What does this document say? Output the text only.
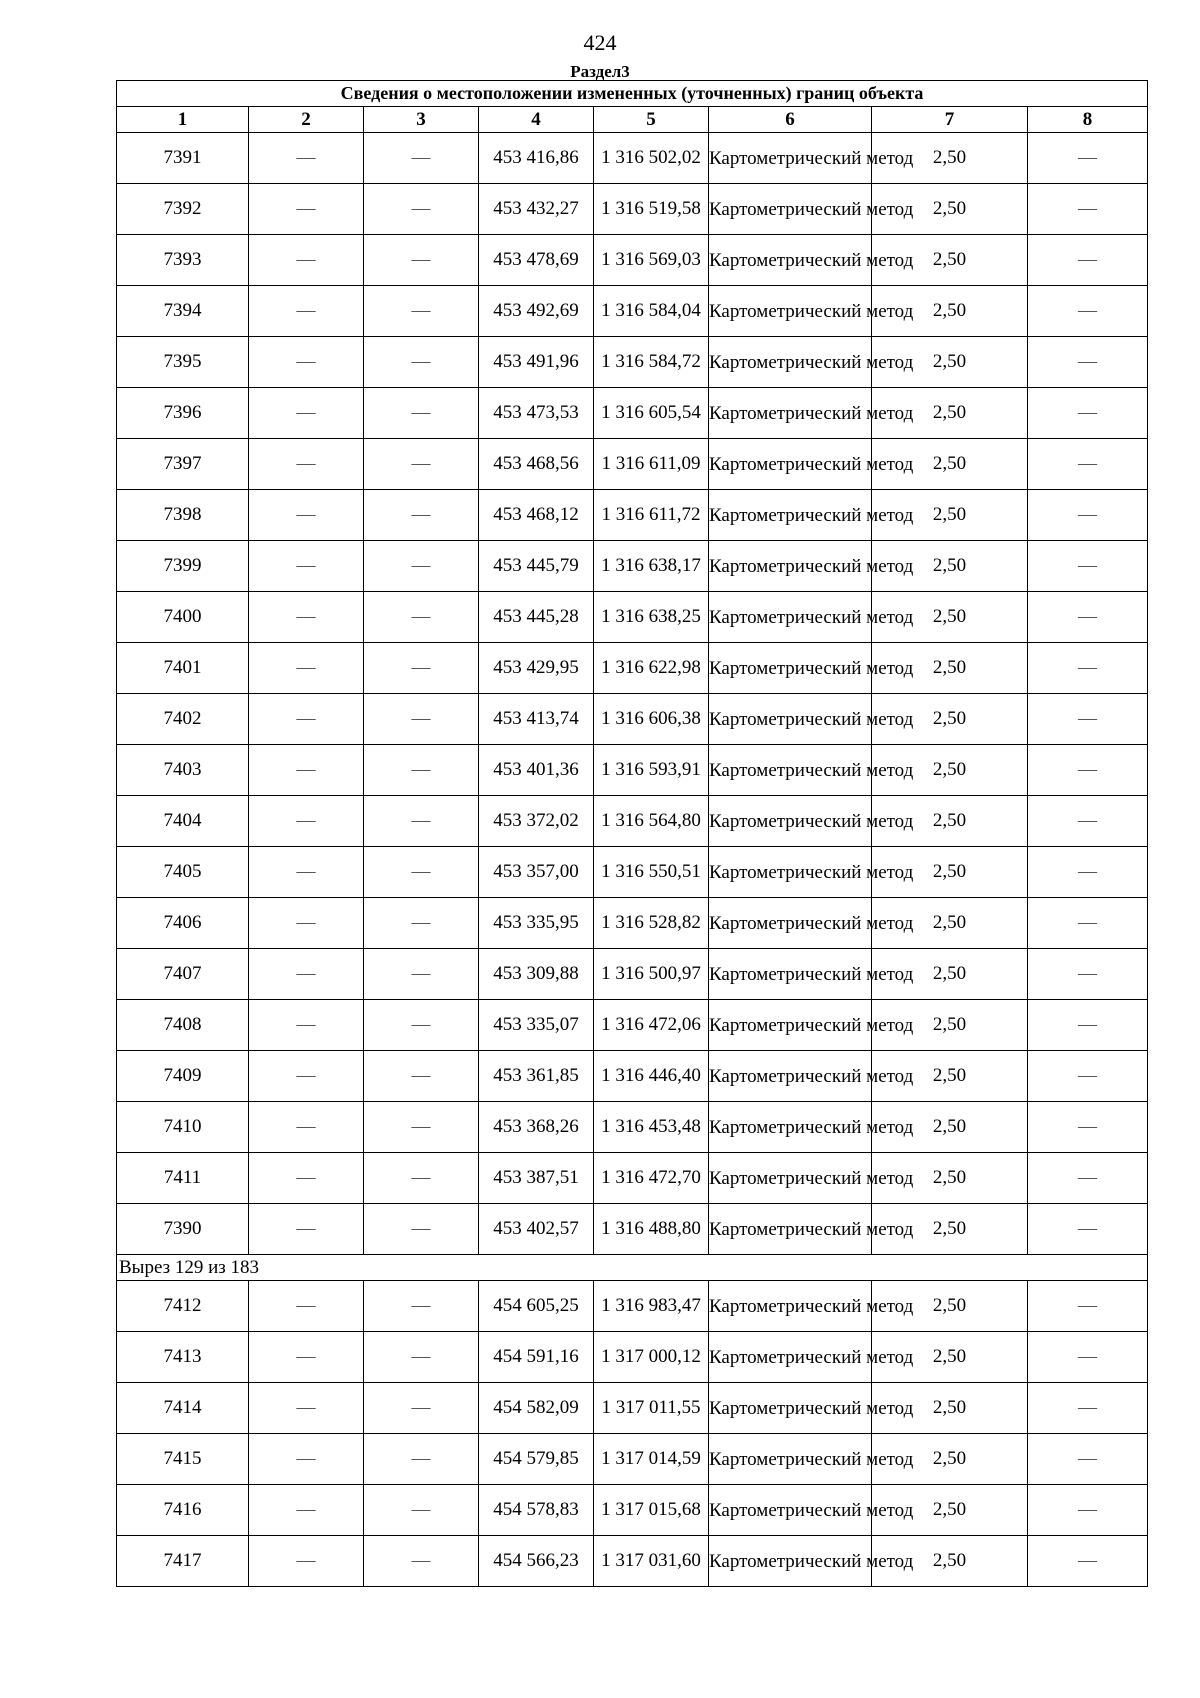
424
Раздел3
Сведения о местоположении измененных (уточненных) границ объекта							
1	2	3	4	5	6	7	8
7391	—	—	453 416,86	1 316 502,02	Картометрический метод	2,50	—
7392	—	—	453 432,27	1 316 519,58	Картометрический метод	2,50	—
7393	—	—	453 478,69	1 316 569,03	Картометрический метод	2,50	—
7394	—	—	453 492,69	1 316 584,04	Картометрический метод	2,50	—
7395	—	—	453 491,96	1 316 584,72	Картометрический метод	2,50	—
7396	—	—	453 473,53	1 316 605,54	Картометрический метод	2,50	—
7397	—	—	453 468,56	1 316 611,09	Картометрический метод	2,50	—
7398	—	—	453 468,12	1 316 611,72	Картометрический метод	2,50	—
7399	—	—	453 445,79	1 316 638,17	Картометрический метод	2,50	—
7400	—	—	453 445,28	1 316 638,25	Картометрический метод	2,50	—
7401	—	—	453 429,95	1 316 622,98	Картометрический метод	2,50	—
7402	—	—	453 413,74	1 316 606,38	Картометрический метод	2,50	—
7403	—	—	453 401,36	1 316 593,91	Картометрический метод	2,50	—
7404	—	—	453 372,02	1 316 564,80	Картометрический метод	2,50	—
7405	—	—	453 357,00	1 316 550,51	Картометрический метод	2,50	—
7406	—	—	453 335,95	1 316 528,82	Картометрический метод	2,50	—
7407	—	—	453 309,88	1 316 500,97	Картометрический метод	2,50	—
7408	—	—	453 335,07	1 316 472,06	Картометрический метод	2,50	—
7409	—	—	453 361,85	1 316 446,40	Картометрический метод	2,50	—
7410	—	—	453 368,26	1 316 453,48	Картометрический метод	2,50	—
7411	—	—	453 387,51	1 316 472,70	Картометрический метод	2,50	—
7390	—	—	453 402,57	1 316 488,80	Картометрический метод	2,50	—
Вырез 129 из 183							
7412	—	—	454 605,25	1 316 983,47	Картометрический метод	2,50	—
7413	—	—	454 591,16	1 317 000,12	Картометрический метод	2,50	—
7414	—	—	454 582,09	1 317 011,55	Картометрический метод	2,50	—
7415	—	—	454 579,85	1 317 014,59	Картометрический метод	2,50	—
7416	—	—	454 578,83	1 317 015,68	Картометрический метод	2,50	—
7417	—	—	454 566,23	1 317 031,60	Картометрический метод	2,50	—
